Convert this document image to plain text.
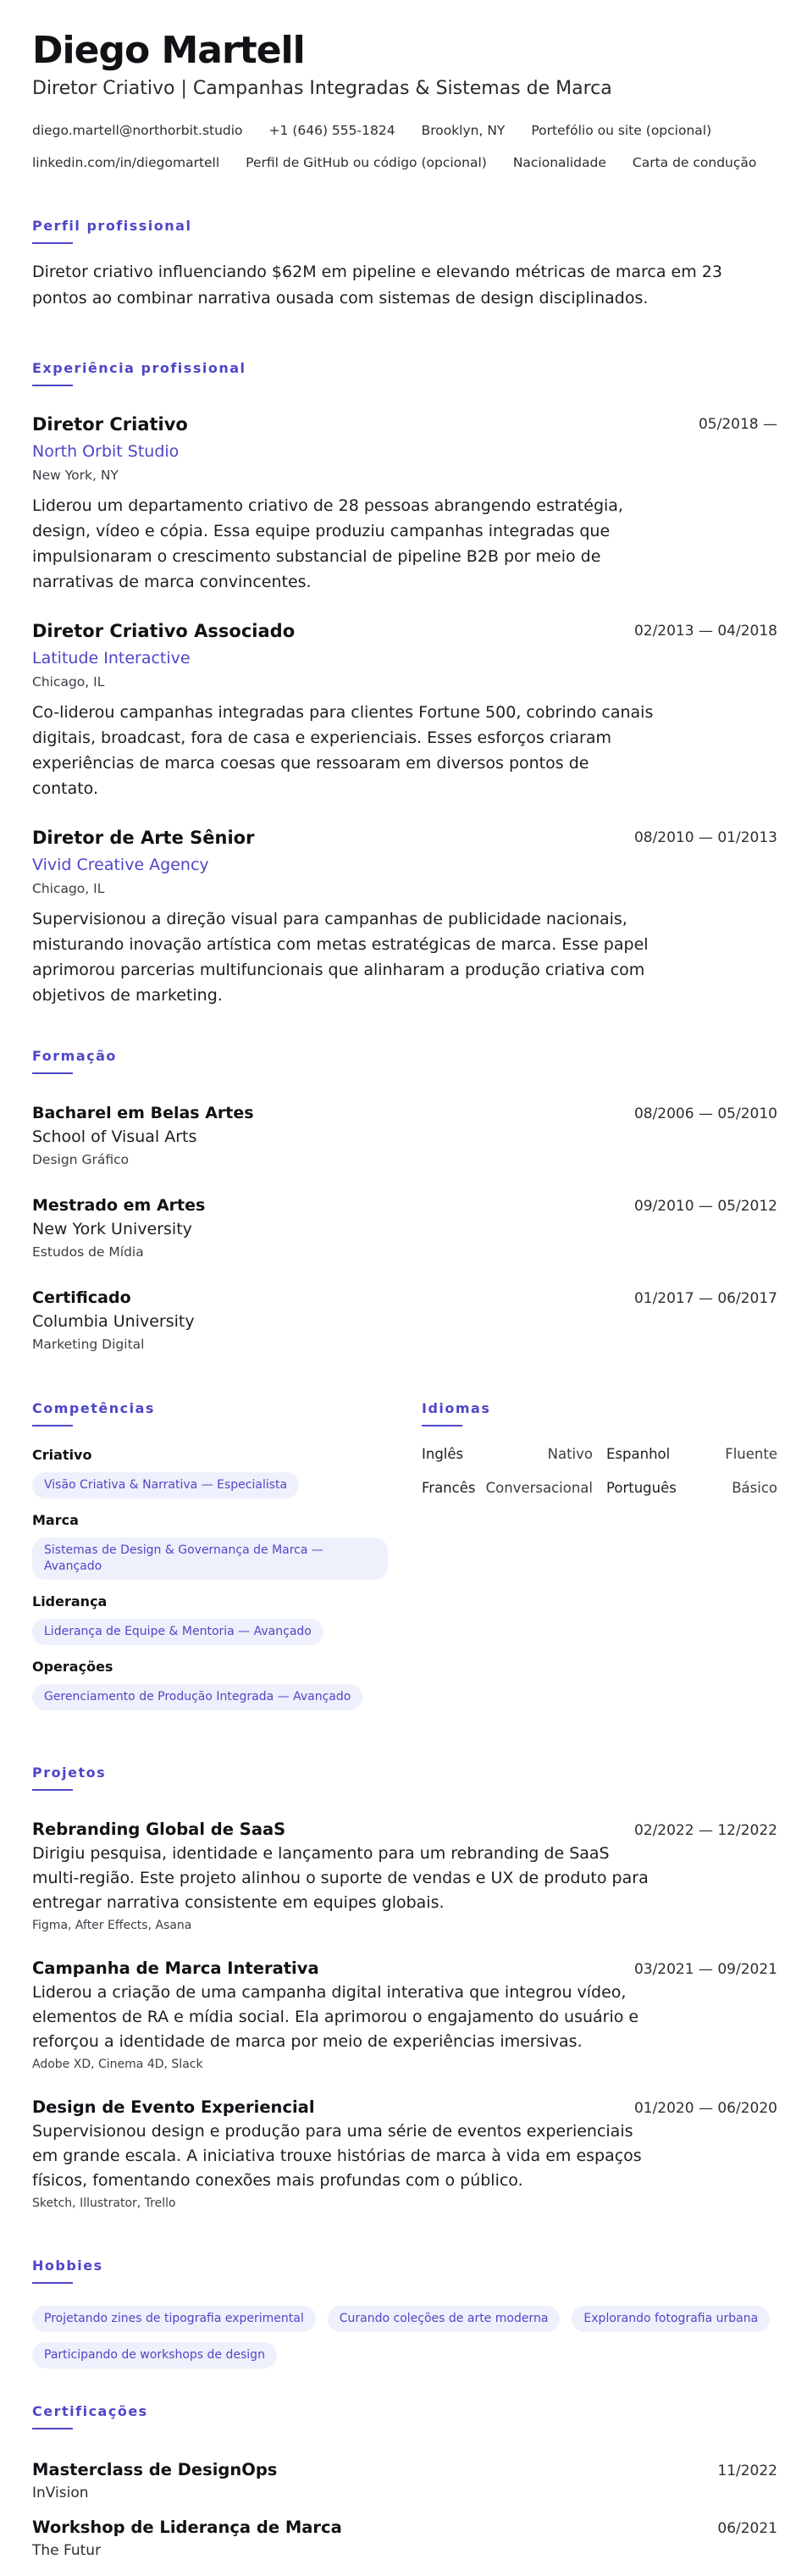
Diego Martell
Diretor Criativo | Campanhas Integradas & Sistemas de Marca
diego.martell@northorbit.studio +1 (646) 555-1824 Brooklyn, NY Portefólio ou site (opcional)
linkedin.com/in/diegomartell Perfil de GitHub ou código (opcional) Nacionalidade Carta de condução
Perfil profissional

Diretor criativo influenciando $62M em pipeline e elevando métricas de marca em 23 pontos ao combinar narrativa ousada com sistemas de design disciplinados.

Experiência profissional
Diretor Criativo	05/2018 —
North Orbit Studio
New York, NY

Liderou um departamento criativo de 28 pessoas abrangendo estratégia, design, vídeo e cópia. Essa equipe produziu campanhas integradas que impulsionaram o crescimento substancial de pipeline B2B por meio de narrativas de marca convincentes.

Diretor Criativo Associado	02/2013 — 04/2018
Latitude Interactive
Chicago, IL

Co-liderou campanhas integradas para clientes Fortune 500, cobrindo canais digitais, broadcast, fora de casa e experienciais. Esses esforços criaram experiências de marca coesas que ressoaram em diversos pontos de contato.

Diretor de Arte Sênior	08/2010 — 01/2013
Vivid Creative Agency
Chicago, IL

Supervisionou a direção visual para campanhas de publicidade nacionais, misturando inovação artística com metas estratégicas de marca. Esse papel aprimorou parcerias multifuncionais que alinharam a produção criativa com objetivos de marketing.

Formação
Bacharel em Belas Artes	08/2006 — 05/2010
School of Visual Arts
Design Gráfico
Mestrado em Artes	09/2010 — 05/2012
New York University
Estudos de Mídia
Certificado	01/2017 — 06/2017
Columbia University
Marketing Digital
Competências
Criativo
Visão Criativa & Narrativa — Especialista
Marca
Sistemas de Design & Governança de Marca — Avançado
Liderança
Liderança de Equipe & Mentoria — Avançado
Operações
Gerenciamento de Produção Integrada — Avançado
Idiomas
Inglês	Nativo Espanhol	Fluente
Francês Conversacional Português	Básico
Projetos
Rebranding Global de SaaS	02/2022 — 12/2022

Dirigiu pesquisa, identidade e lançamento para um rebranding de SaaS multi-região. Este projeto alinhou o suporte de vendas e UX de produto para entregar narrativa consistente em equipes globais.

Figma, After Effects, Asana
Campanha de Marca Interativa	03/2021 — 09/2021

Liderou a criação de uma campanha digital interativa que integrou vídeo, elementos de RA e mídia social. Ela aprimorou o engajamento do usuário e reforçou a identidade de marca por meio de experiências imersivas.

Adobe XD, Cinema 4D, Slack
Design de Evento Experiencial	01/2020 — 06/2020

Supervisionou design e produção para uma série de eventos experienciais em grande escala. A iniciativa trouxe histórias de marca à vida em espaços físicos, fomentando conexões mais profundas com o público.

Sketch, Illustrator, Trello
Hobbies
Projetando zines de tipografia experimental	Curando coleções de arte moderna	Explorando fotografia urbana
Participando de workshops de design
Certificações
Masterclass de DesignOps	11/2022
InVision
Workshop de Liderança de Marca	06/2021
The Futur
